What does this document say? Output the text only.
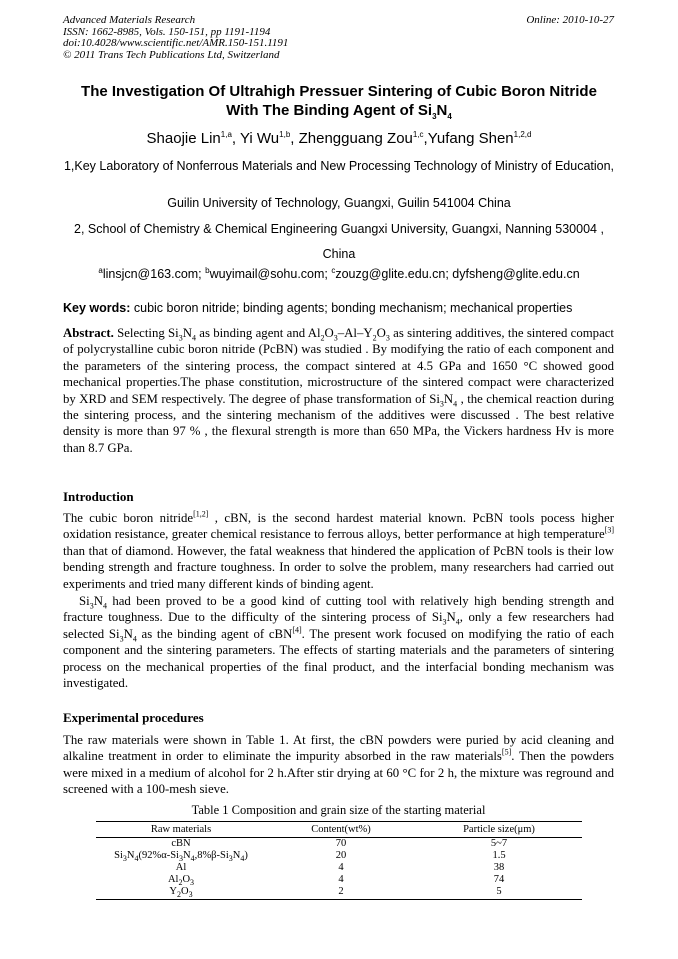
Advanced Materials Research
ISSN: 1662-8985, Vols. 150-151, pp 1191-1194
doi:10.4028/www.scientific.net/AMR.150-151.1191
© 2011 Trans Tech Publications Ltd, Switzerland
Online: 2010-10-27
The Investigation Of Ultrahigh Pressuer Sintering of Cubic Boron Nitride
With The Binding Agent of $Si_3N_4$
Shaojie Lin$^{1,a}$, Yi Wu$^{1,b}$, Zhengguang Zou$^{1,c}$,Yufang Shen$^{1,2,d}$
1,Key Laboratory of Nonferrous Materials and New Processing Technology of Ministry of Education,
Guilin University of Technology, Guangxi, Guilin 541004 China
2, School of Chemistry & Chemical Engineering Guangxi University, Guangxi, Nanning 530004 ,
China
$^a$linsjcn@163.com; $^b$wuyimail@sohu.com; $^c$zouzg@glite.edu.cn; dyfsheng@glite.edu.cn
Key words: cubic boron nitride; binding agents; bonding mechanism; mechanical properties
Abstract. Selecting $Si_3N_4$ as binding agent and $Al_2O_3-Al-Y_2O_3$ as sintering additives, the sintered compact of polycrystalline cubic boron nitride (PcBN) was studied . By modifying the ratio of each component and the parameters of the sintering process, the compact sintered at 4.5 GPa and 1650 °C showed good mechanical properties.The phase constitution, microstructure of the sintered compact were characterized by XRD and SEM respectively. The degree of phase transformation of $Si_3N_4$ , the chemical reaction during the sintering process, and the sintering mechanism of the additives were discussed . The best relative density is more than 97 % , the flexural strength is more than 650 MPa, the Vickers hardness Hv is more than 8.7 GPa.
Introduction
The cubic boron nitride[1,2] , cBN, is the second hardest material known. PcBN tools pocess higher oxidation resistance, greater chemical resistance to ferrous alloys, better performance at high temperature[3] than that of diamond. However, the fatal weakness that hindered the application of PcBN tools is their low bending strength and fracture toughness. In order to solve the problem, many researchers had carried out experiments and tried many different kinds of binding agent.
$Si_3N_4$ had been proved to be a good kind of cutting tool with relatively high bending strength and fracture toughness. Due to the difficulty of the sintering process of $Si_3N_4$, only a few researchers had selected $Si_3N_4$ as the binding agent of cBN[4]. The present work focused on modifying the ratio of each component and the sintering parameters. The effects of starting materials and the parameters of sintering process on the mechanical properties of the final product, and the interfacial bonding mechanism was investigated.
Experimental procedures
The raw materials were shown in Table 1. At first, the cBN powders were puried by acid cleaning and alkaline treatment in order to eliminate the impurity absorbed in the raw materials[5]. Then the powders were mixed in a medium of alcohol for 2 h.After stir drying at 60 °C for 2 h, the mixture was reground and screened with a 100-mesh sieve.
Table 1 Composition and grain size of the starting material
Raw materials	Content(wt%)	Particle size(μm)
cBN	70	5~7
$Si_3N_4(92\%\alpha-Si_3N_4,8\%\beta-Si_3N_4)$	20	1.5
Al	4	38
$Al_2O_3$	4	74
$Y_2O_3$	2	5
